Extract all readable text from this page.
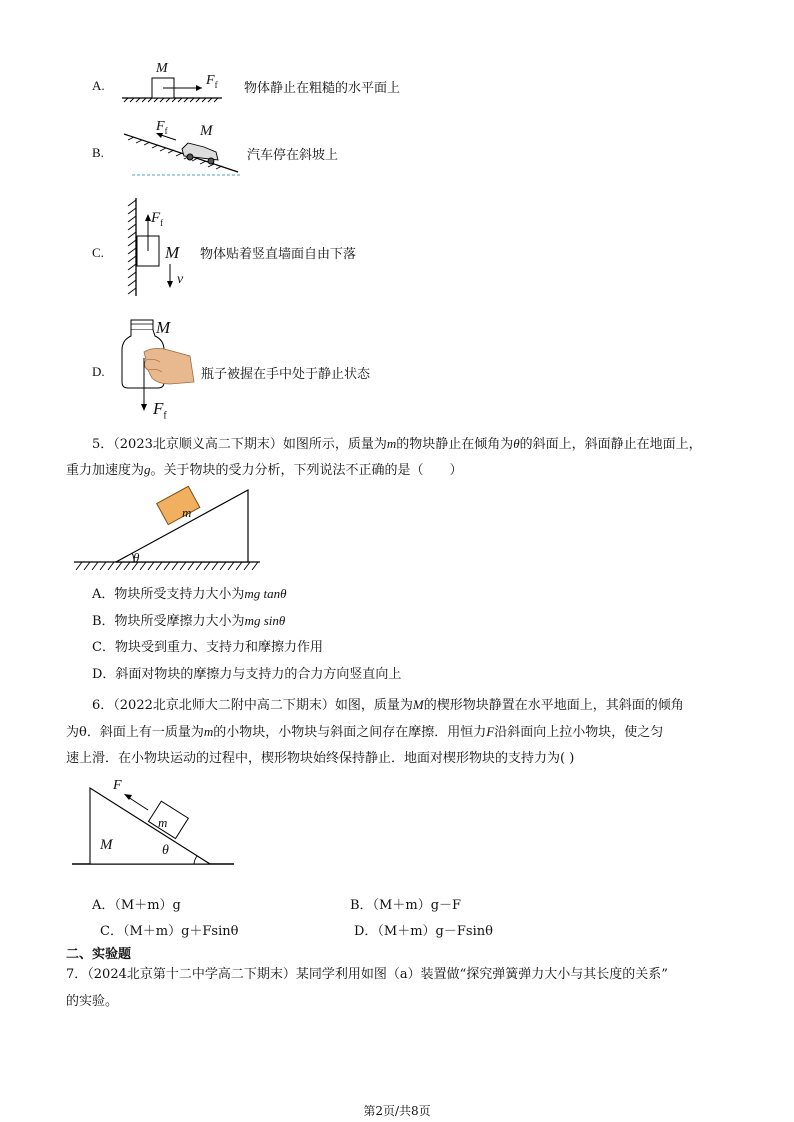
A.
M
$F_f$ 物体静止在粗糙的水平面上
B.
$F_f$ M
汽车停在斜坡上
C.
$F_f$
M
v
物体贴着竖直墙面自由下落
D.
M
$F_f$
瓶子被握在手中处于静止状态
5．（2023北京顺义高二下期末）如图所示，质量为m的物块静止在倾角为θ的斜面上，斜面静止在地面上，
重力加速度为g。关于物块的受力分析，下列说法不正确的是（　　）
m
θ
A．物块所受支持力大小为mg tanθ
B．物块所受摩擦力大小为mg sinθ
C．物块受到重力、支持力和摩擦力作用
D．斜面对物块的摩擦力与支持力的合力方向竖直向上
6．（2022北京北师大二附中高二下期末）如图，质量为M的楔形物块静置在水平地面上，其斜面的倾角
为θ．斜面上有一质量为m的小物块，小物块与斜面之间存在摩擦．用恒力F沿斜面向上拉小物块，使之匀
速上滑．在小物块运动的过程中，楔形物块始终保持静止．地面对楔形物块的支持力为( )
F
m
M	θ
A．（M＋m）g	B．（M＋m）g－F
C．（M＋m）g＋Fsinθ	D．（M＋m）g－Fsinθ
二、实验题
7．（2024北京第十二中学高二下期末）某同学利用如图（a）装置做“探究弹簧弹力大小与其长度的关系”
的实验。
第2页/共8页
